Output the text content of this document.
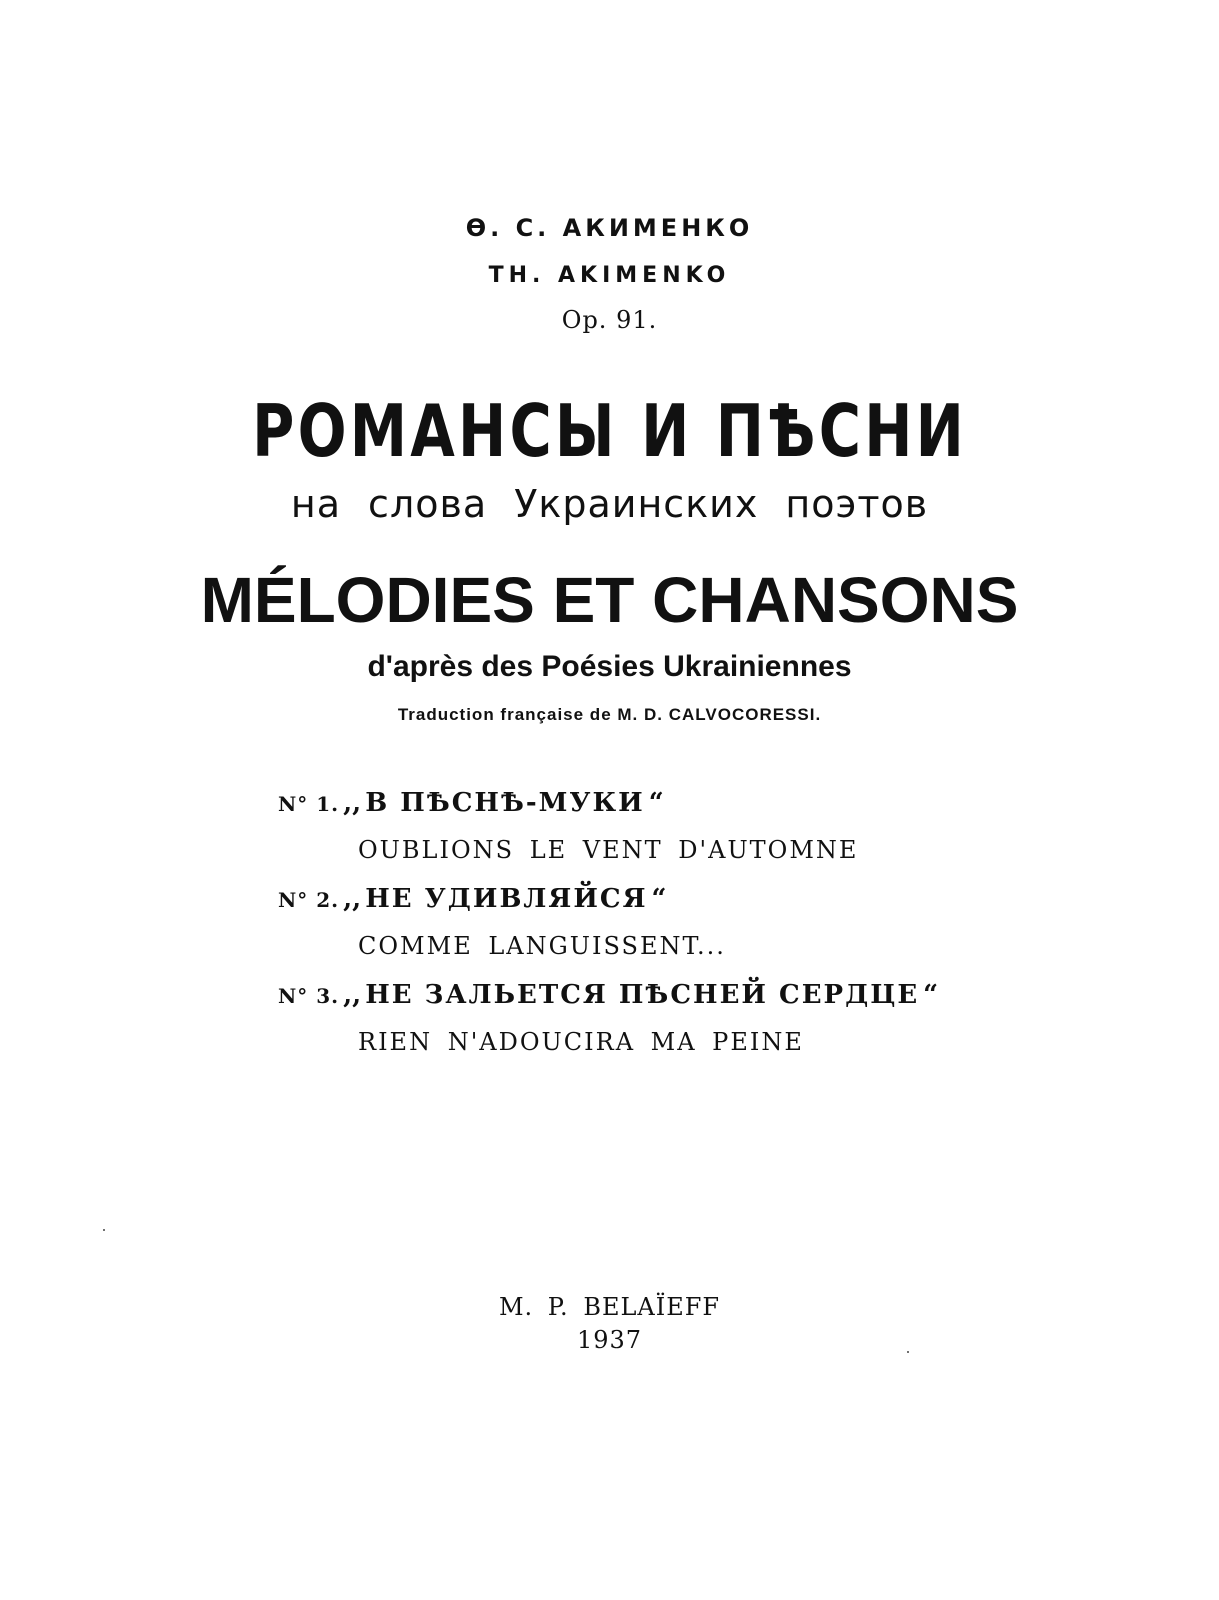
Ѳ. С. АКИМЕНКО
TH. AKIMENKO
Op. 91.
РОМАНСЫ И ПѢСНИ
на слова Украинских поэтов
MÉLODIES ET CHANSONS
d'après des Poésies Ukrainiennes
Traduction française de M. D. CALVOCORESSI.
N° 1. ,, В ПѢСНѢ-МУКИ “
OUBLIONS LE VENT D'AUTOMNE
N° 2. ,, НЕ УДИВЛЯЙСЯ “
COMME LANGUISSENT...
N° 3. ,, НЕ ЗАЛЬЕТСЯ ПѢСНЕЙ СЕРДЦЕ “
RIEN N'ADOUCIRA MA PEINE
M. P. BELAÏEFF
1937
